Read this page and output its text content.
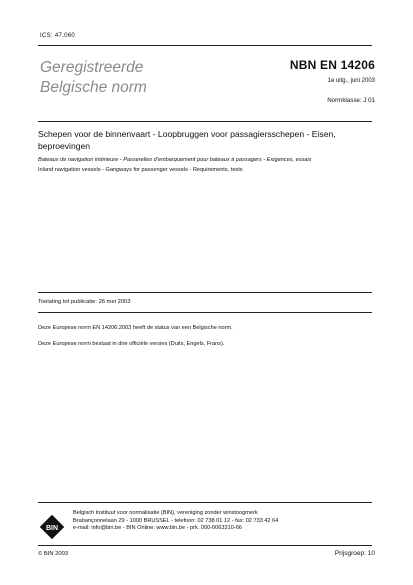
ICS: 47.060
Geregistreerde
Belgische norm
NBN EN 14206
1e uitg., juni 2003
Normklasse: J 01
Schepen voor de binnenvaart - Loopbruggen voor passagiersschepen - Eisen, beproevingen
Bateaux de navigation intérieure - Passerelles d'embarquement pour bateaux à passagers - Exigences, essais
Inland navigation vessels - Gangways for passenger vessels - Requirements, tests
Toelating tot publicatie: 26 mei 2003
Deze Europese norm EN 14206:2003 heeft de status van een Belgische norm.
Deze Europese norm bestaat in drie officiële versies (Duits, Engels, Frans).
BIN
Belgisch Instituut voor normalisatie (BIN), vereniging zonder winstoogmerk
Brabançonnelaan 29 - 1000 BRUSSEL - telefoon: 02 738 01 12 - fax: 02 733 42 64
e-mail: info@bin.be - BIN Online: www.bin.be - prk. 000-0063310-66
© BIN 2003	Prijsgroep: 10
